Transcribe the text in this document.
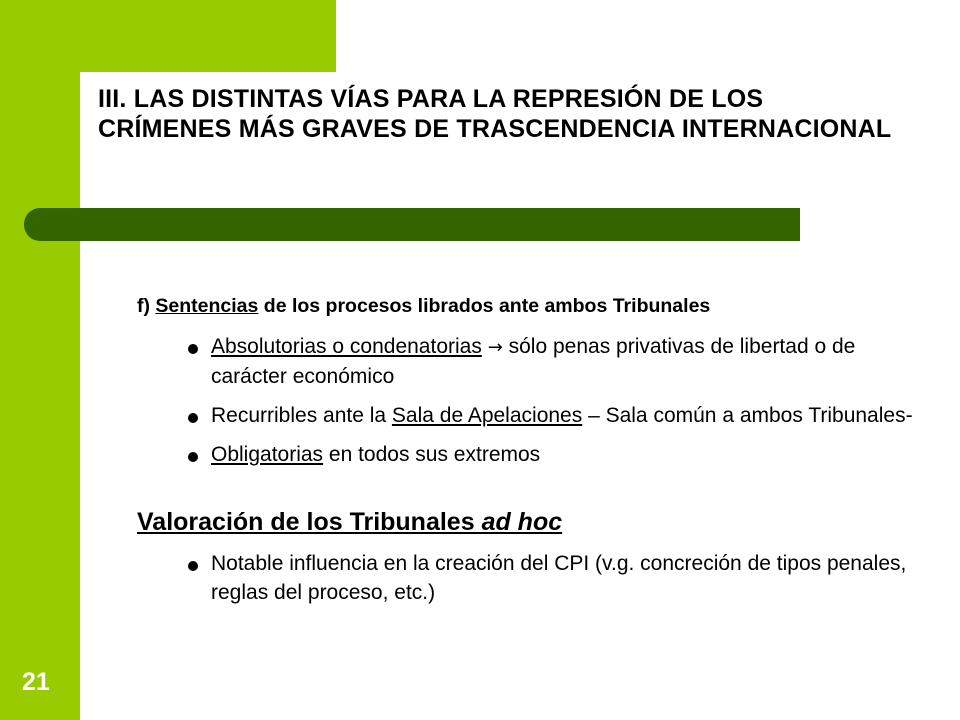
III. LAS DISTINTAS VÍAS PARA LA REPRESIÓN DE LOS CRÍMENES MÁS GRAVES DE TRASCENDENCIA INTERNACIONAL
f) Sentencias de los procesos librados ante ambos Tribunales
Absolutorias o condenatorias → sólo penas privativas de libertad o de carácter económico
Recurribles ante la Sala de Apelaciones – Sala común a ambos Tribunales-
Obligatorias en todos sus extremos
Valoración de los Tribunales ad hoc
Notable influencia en la creación del CPI (v.g. concreción de tipos penales, reglas del proceso, etc.)
21
